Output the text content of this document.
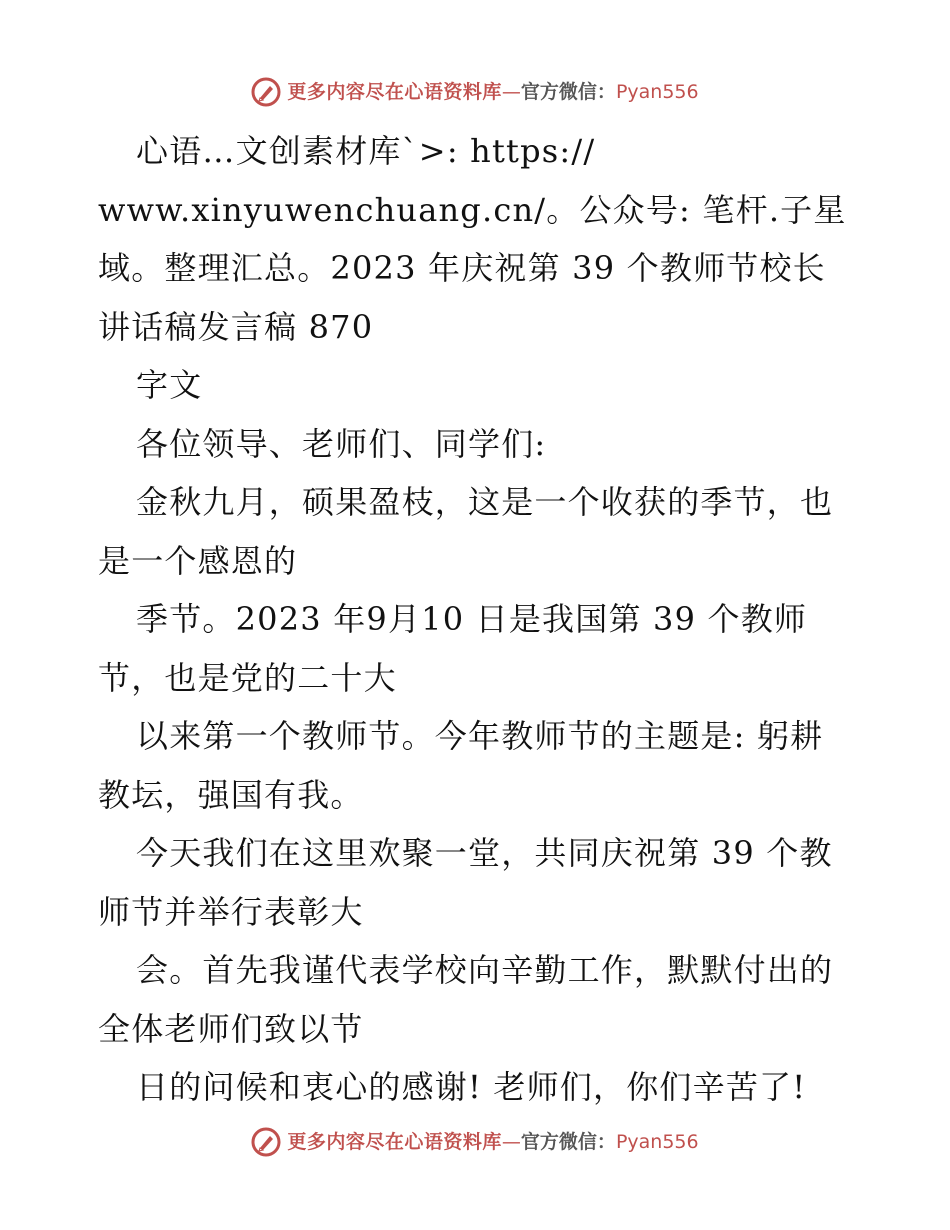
更多内容尽在心语资料库 — 官方微信： Pyan556

心语…文创素材库`>: https://

www.xinyuwenchuang.cn/。公众号: 笔杆.子星

域。整理汇总。2023 年庆祝第 39 个教师节校长

讲话稿发言稿 870

字文

各位领导、老师们、同学们:

金秋九月，硕果盈枝，这是一个收获的季节，也

是一个感恩的

季节。2023 年9月10 日是我国第 39 个教师

节，也是党的二十大

以来第一个教师节。今年教师节的主题是: 躬耕

教坛，强国有我。

今天我们在这里欢聚一堂，共同庆祝第 39 个教

师节并举行表彰大

会。首先我谨代表学校向辛勤工作，默默付出的

全体老师们致以节

日的问候和衷心的感谢! 老师们，你们辛苦了!

更多内容尽在心语资料库 — 官方微信： Pyan556
